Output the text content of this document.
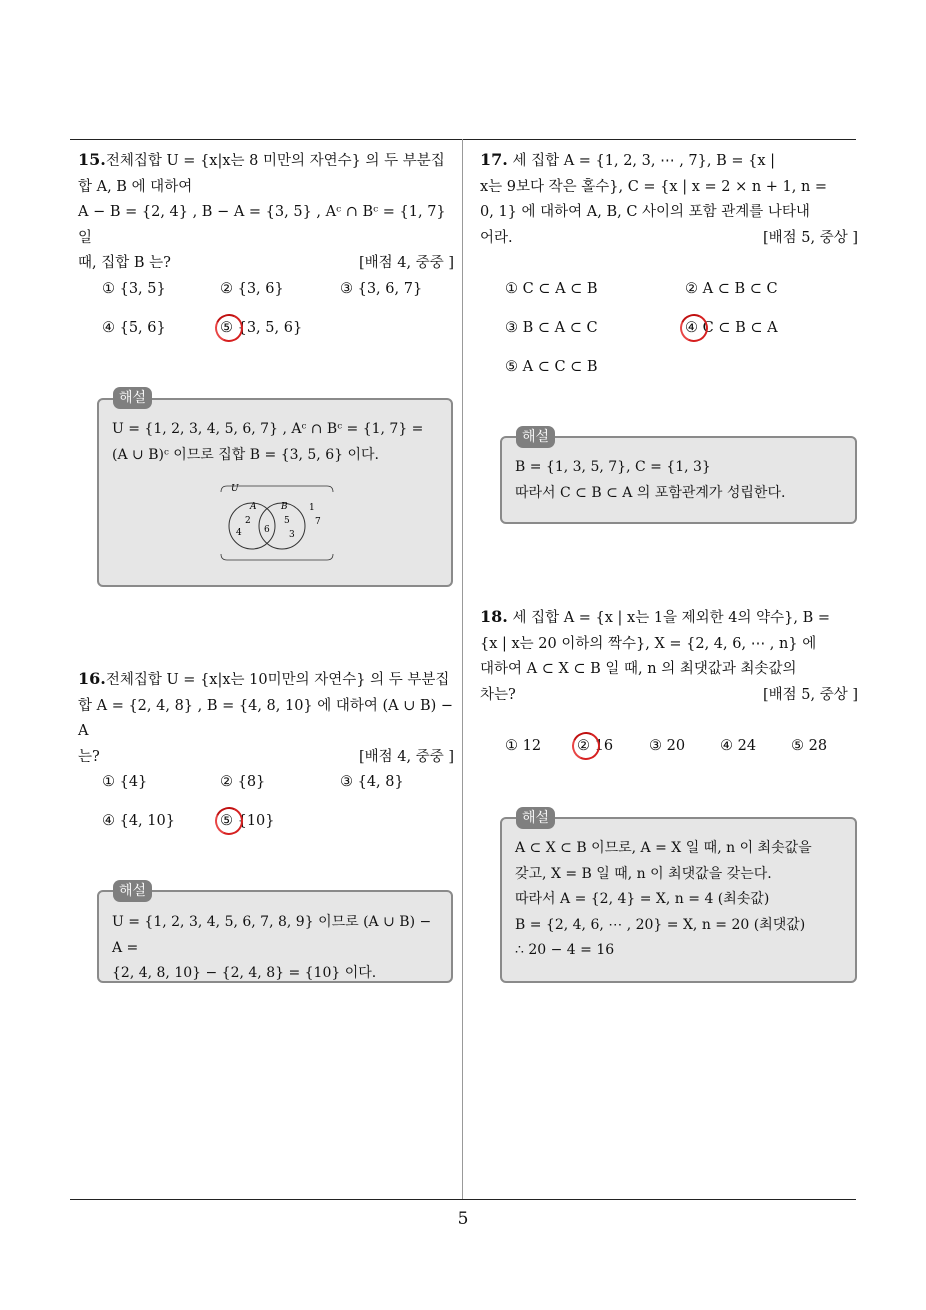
5
15.전체집합 U = {x|x는 8 미만의 자연수} 의 두 부분집
합 A, B 에 대하여
A − B = {2, 4} , B − A = {3, 5} , Aᶜ ∩ Bᶜ = {1, 7} 일
때, 집합 B 는?	[배점 4, 중중 ]
① {3, 5}	② {3, 6}	③ {3, 6, 7}
④ {5, 6}	⑤ {3, 5, 6}
U = {1, 2, 3, 4, 5, 6, 7} , Aᶜ ∩ Bᶜ = {1, 7} =
(A ∪ B)ᶜ 이므로 집합 B = {3, 5, 6} 이다.
U
A	B 1
2
4 6
5
3
7
해설
16.전체집합 U = {x|x는 10미만의 자연수} 의 두 부분집
합 A = {2, 4, 8} , B = {4, 8, 10} 에 대하여 (A ∪ B) − A
는?	[배점 4, 중중 ]
① {4}	② {8}	③ {4, 8}
④ {4, 10}	⑤ {10}
U = {1, 2, 3, 4, 5, 6, 7, 8, 9} 이므로 (A ∪ B) − A =
{2, 4, 8, 10} − {2, 4, 8} = {10} 이다.
해설
17. 세 집합 A = {1, 2, 3, ⋯ , 7}, B = {x |
x는 9보다 작은 홀수}, C = {x | x = 2 × n + 1, n =
0, 1} 에 대하여 A, B, C 사이의 포함 관계를 나타내
어라.	[배점 5, 중상 ]
① C ⊂ A ⊂ B	② A ⊂ B ⊂ C
③ B ⊂ A ⊂ C	④ C ⊂ B ⊂ A
⑤ A ⊂ C ⊂ B
B = {1, 3, 5, 7}, C = {1, 3}
따라서 C ⊂ B ⊂ A 의 포함관계가 성립한다.
해설
18. 세 집합 A = {x | x는 1을 제외한 4의 약수}, B =
{x | x는 20 이하의 짝수}, X = {2, 4, 6, ⋯ , n} 에
대하여 A ⊂ X ⊂ B 일 때, n 의 최댓값과 최솟값의
차는?	[배점 5, 중상 ]
① 12 ② 16 ③ 20 ④ 24 ⑤ 28
A ⊂ X ⊂ B 이므로, A = X 일 때, n 이 최솟값을
갖고, X = B 일 때, n 이 최댓값을 갖는다.
따라서 A = {2, 4} = X, n = 4 (최솟값)
B = {2, 4, 6, ⋯ , 20} = X, n = 20 (최댓값)
∴ 20 − 4 = 16
해설
